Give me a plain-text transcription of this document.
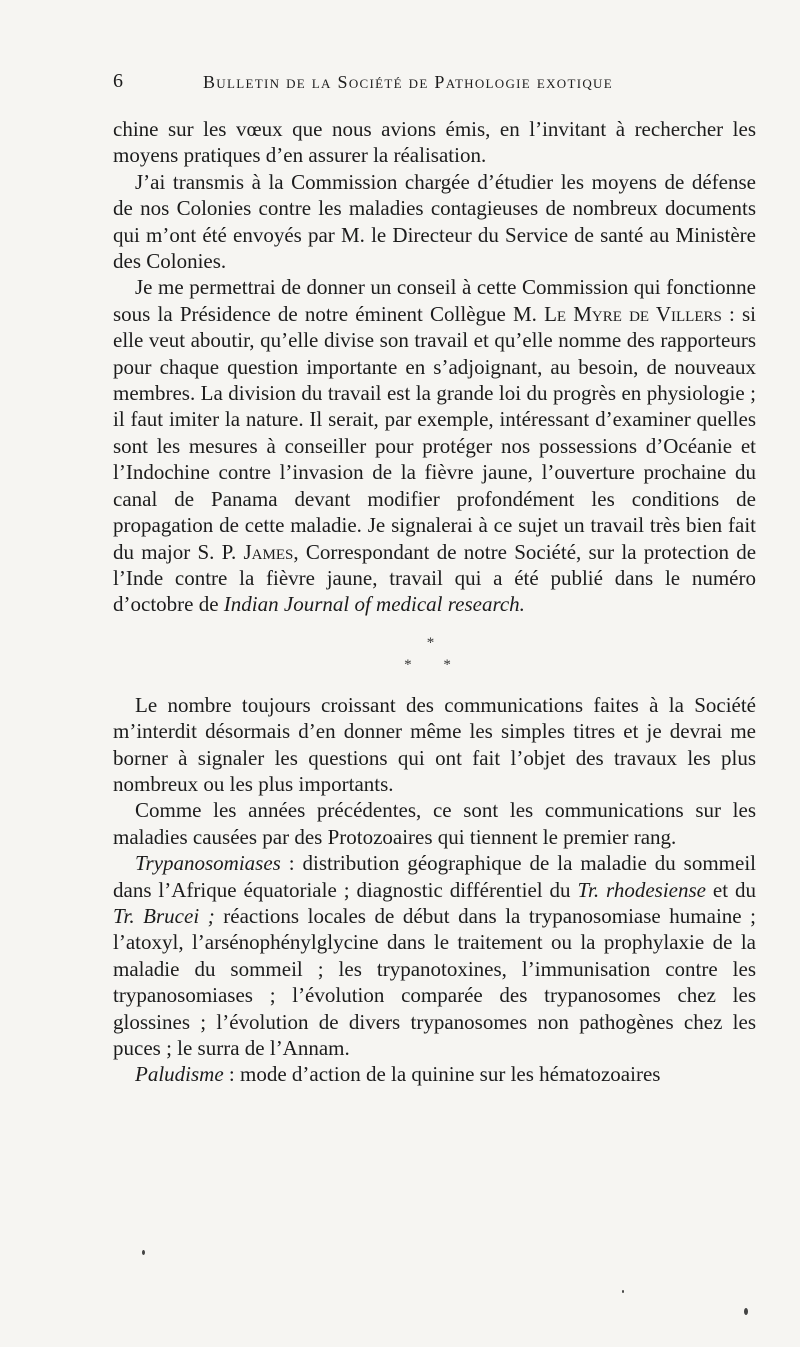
6	Bulletin de la Société de Pathologie exotique

chine sur les vœux que nous avions émis, en l’invitant à rechercher les moyens pratiques d’en assurer la réalisation.

J’ai transmis à la Commission chargée d’étudier les moyens de défense de nos Colonies contre les maladies contagieuses de nombreux documents qui m’ont été envoyés par M. le Directeur du Service de santé au Ministère des Colonies.

Je me permettrai de donner un conseil à cette Commission qui fonctionne sous la Présidence de notre éminent Collègue M. Le Myre de Villers : si elle veut aboutir, qu’elle divise son travail et qu’elle nomme des rapporteurs pour chaque question importante en s’adjoignant, au besoin, de nouveaux membres. La division du travail est la grande loi du progrès en physiologie ; il faut imiter la nature. Il serait, par exemple, intéressant d’examiner quelles sont les mesures à conseiller pour protéger nos possessions d’Océanie et l’Indochine contre l’invasion de la fièvre jaune, l’ouverture prochaine du canal de Panama devant modifier profondément les conditions de propagation de cette maladie. Je signalerai à ce sujet un travail très bien fait du major S. P. James, Correspondant de notre Société, sur la protection de l’Inde contre la fièvre jaune, travail qui a été publié dans le numéro d’octobre de Indian Journal of medical research.

*
* *

Le nombre toujours croissant des communications faites à la Société m’interdit désormais d’en donner même les simples titres et je devrai me borner à signaler les questions qui ont fait l’objet des travaux les plus nombreux ou les plus importants.

Comme les années précédentes, ce sont les communications sur les maladies causées par des Protozoaires qui tiennent le premier rang.

Trypanosomiases : distribution géographique de la maladie du sommeil dans l’Afrique équatoriale ; diagnostic différentiel du Tr. rhodesiense et du Tr. Brucei ; réactions locales de début dans la trypanosomiase humaine ; l’atoxyl, l’arsénophénylglycine dans le traitement ou la prophylaxie de la maladie du sommeil ; les trypanotoxines, l’immunisation contre les trypanosomiases ; l’évolution comparée des trypanosomes chez les glossines ; l’évolution de divers trypanosomes non pathogènes chez les puces ; le surra de l’Annam.

Paludisme : mode d’action de la quinine sur les hématozoaires
